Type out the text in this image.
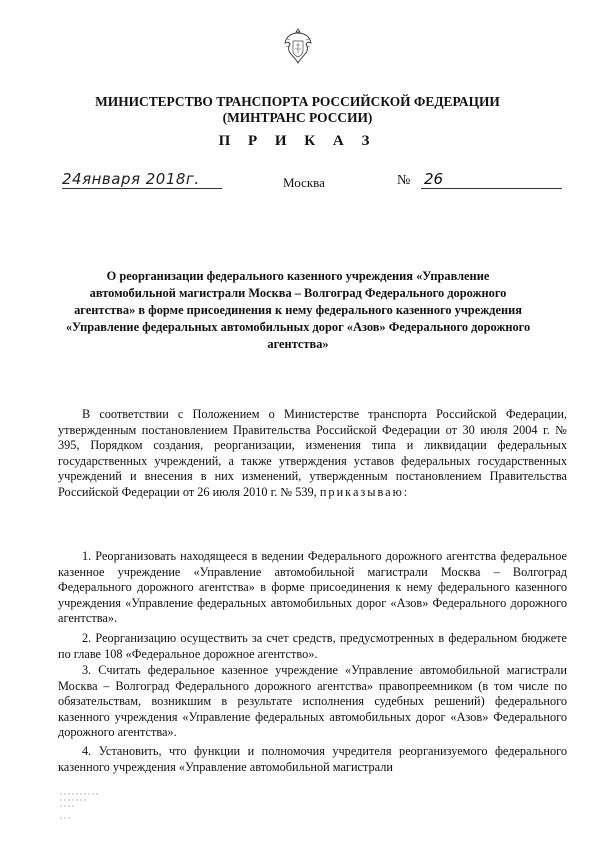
МИНИСТЕРСТВО ТРАНСПОРТА РОССИЙСКОЙ ФЕДЕРАЦИИ
(МИНТРАНС РОССИИ)
П Р И К А З
24января 2018г.	Москва	№ 26
О реорганизации федерального казенного учреждения «Управление автомобильной магистрали Москва – Волгоград Федерального дорожного агентства» в форме присоединения к нему федерального казенного учреждения «Управление федеральных автомобильных дорог «Азов» Федерального дорожного агентства»
В соответствии с Положением о Министерстве транспорта Российской Федерации, утвержденным постановлением Правительства Российской Федерации от 30 июля 2004 г. № 395, Порядком создания, реорганизации, изменения типа и ликвидации федеральных государственных учреждений, а также утверждения уставов федеральных государственных учреждений и внесения в них изменений, утвержденным постановлением Правительства Российской Федерации от 26 июля 2010 г. № 539, приказываю:
1. Реорганизовать находящееся в ведении Федерального дорожного агентства федеральное казенное учреждение «Управление автомобильной магистрали Москва – Волгоград Федерального дорожного агентства» в форме присоединения к нему федерального казенного учреждения «Управление федеральных автомобильных дорог «Азов» Федерального дорожного агентства».
2. Реорганизацию осуществить за счет средств, предусмотренных в федеральном бюджете по главе 108 «Федеральное дорожное агентство».
3. Считать федеральное казенное учреждение «Управление автомобильной магистрали Москва – Волгоград Федерального дорожного агентства» правопреемником (в том числе по обязательствам, возникшим в результате исполнения судебных решений) федерального казенного учреждения «Управление федеральных автомобильных дорог «Азов» Федерального дорожного агентства».
4. Установить, что функции и полномочия учредителя реорганизуемого федерального казенного учреждения «Управление автомобильной магистрали
